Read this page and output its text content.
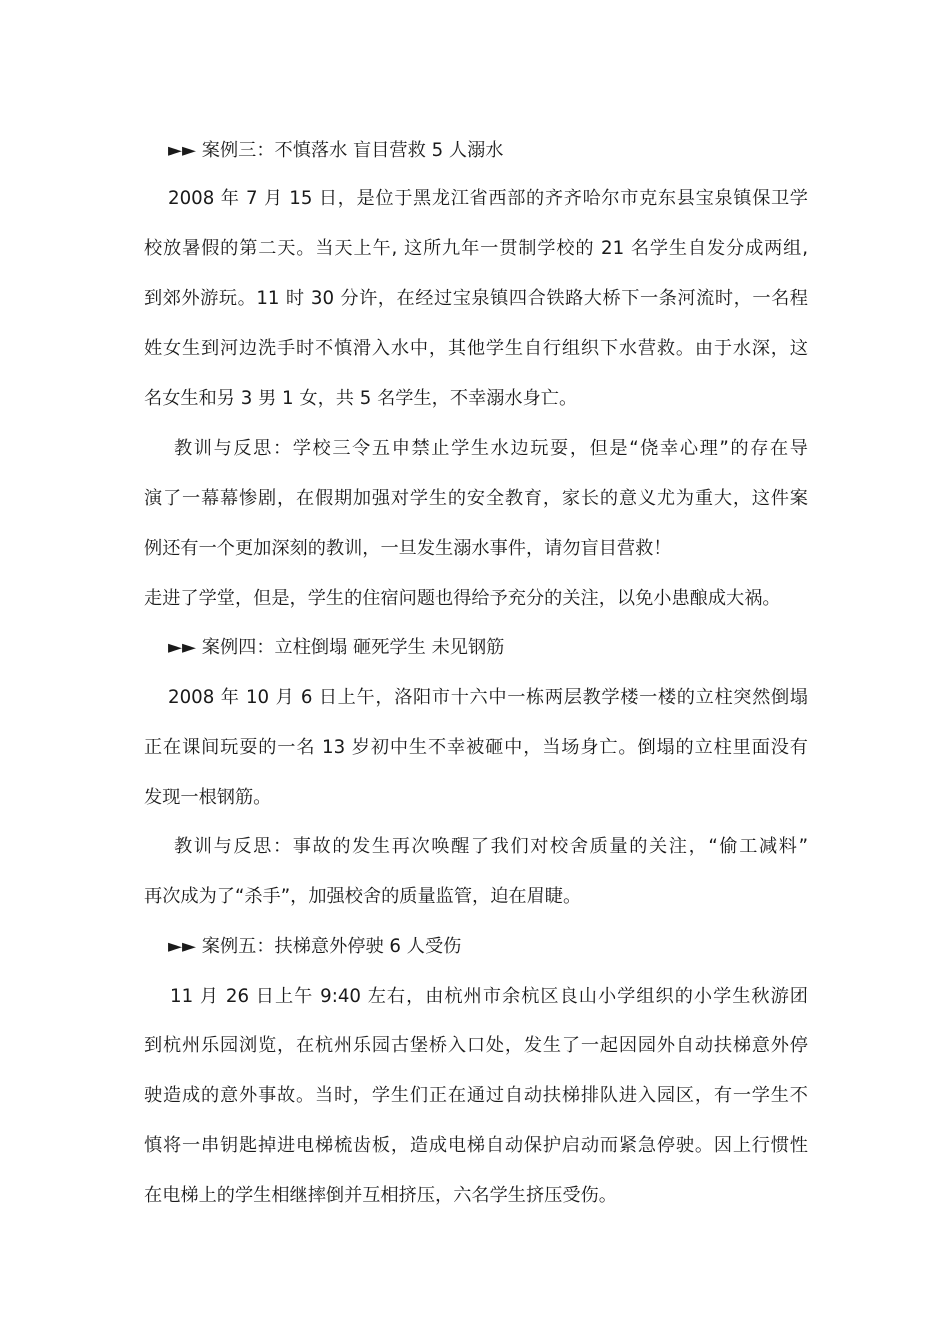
►► 案例三：不慎落水 盲目营救 5 人溺水
2008 年 7 月 15 日，是位于黑龙江省西部的齐齐哈尔市克东县宝泉镇保卫学
校放暑假的第二天。当天上午, 这所九年一贯制学校的 21 名学生自发分成两组,
到郊外游玩。11 时 30 分许，在经过宝泉镇四合铁路大桥下一条河流时，一名程
姓女生到河边洗手时不慎滑入水中，其他学生自行组织下水营救。由于水深，这
名女生和另 3 男 1 女，共 5 名学生，不幸溺水身亡。
教训与反思：学校三令五申禁止学生水边玩耍，但是“侥幸心理”的存在导
演了一幕幕惨剧，在假期加强对学生的安全教育，家长的意义尤为重大，这件案
例还有一个更加深刻的教训，一旦发生溺水事件，请勿盲目营救！
走进了学堂，但是，学生的住宿问题也得给予充分的关注，以免小患酿成大祸。
►► 案例四：立柱倒塌 砸死学生 未见钢筋
2008 年 10 月 6 日上午，洛阳市十六中一栋两层教学楼一楼的立柱突然倒塌
正在课间玩耍的一名 13 岁初中生不幸被砸中，当场身亡。倒塌的立柱里面没有
发现一根钢筋。
教训与反思：事故的发生再次唤醒了我们对校舍质量的关注，“偷工减料”
再次成为了“杀手”，加强校舍的质量监管，迫在眉睫。
►► 案例五：扶梯意外停驶 6 人受伤
11 月 26 日上午 9:40 左右，由杭州市余杭区良山小学组织的小学生秋游团
到杭州乐园浏览，在杭州乐园古堡桥入口处，发生了一起因园外自动扶梯意外停
驶造成的意外事故。当时，学生们正在通过自动扶梯排队进入园区，有一学生不
慎将一串钥匙掉进电梯梳齿板，造成电梯自动保护启动而紧急停驶。因上行惯性
在电梯上的学生相继摔倒并互相挤压，六名学生挤压受伤。
